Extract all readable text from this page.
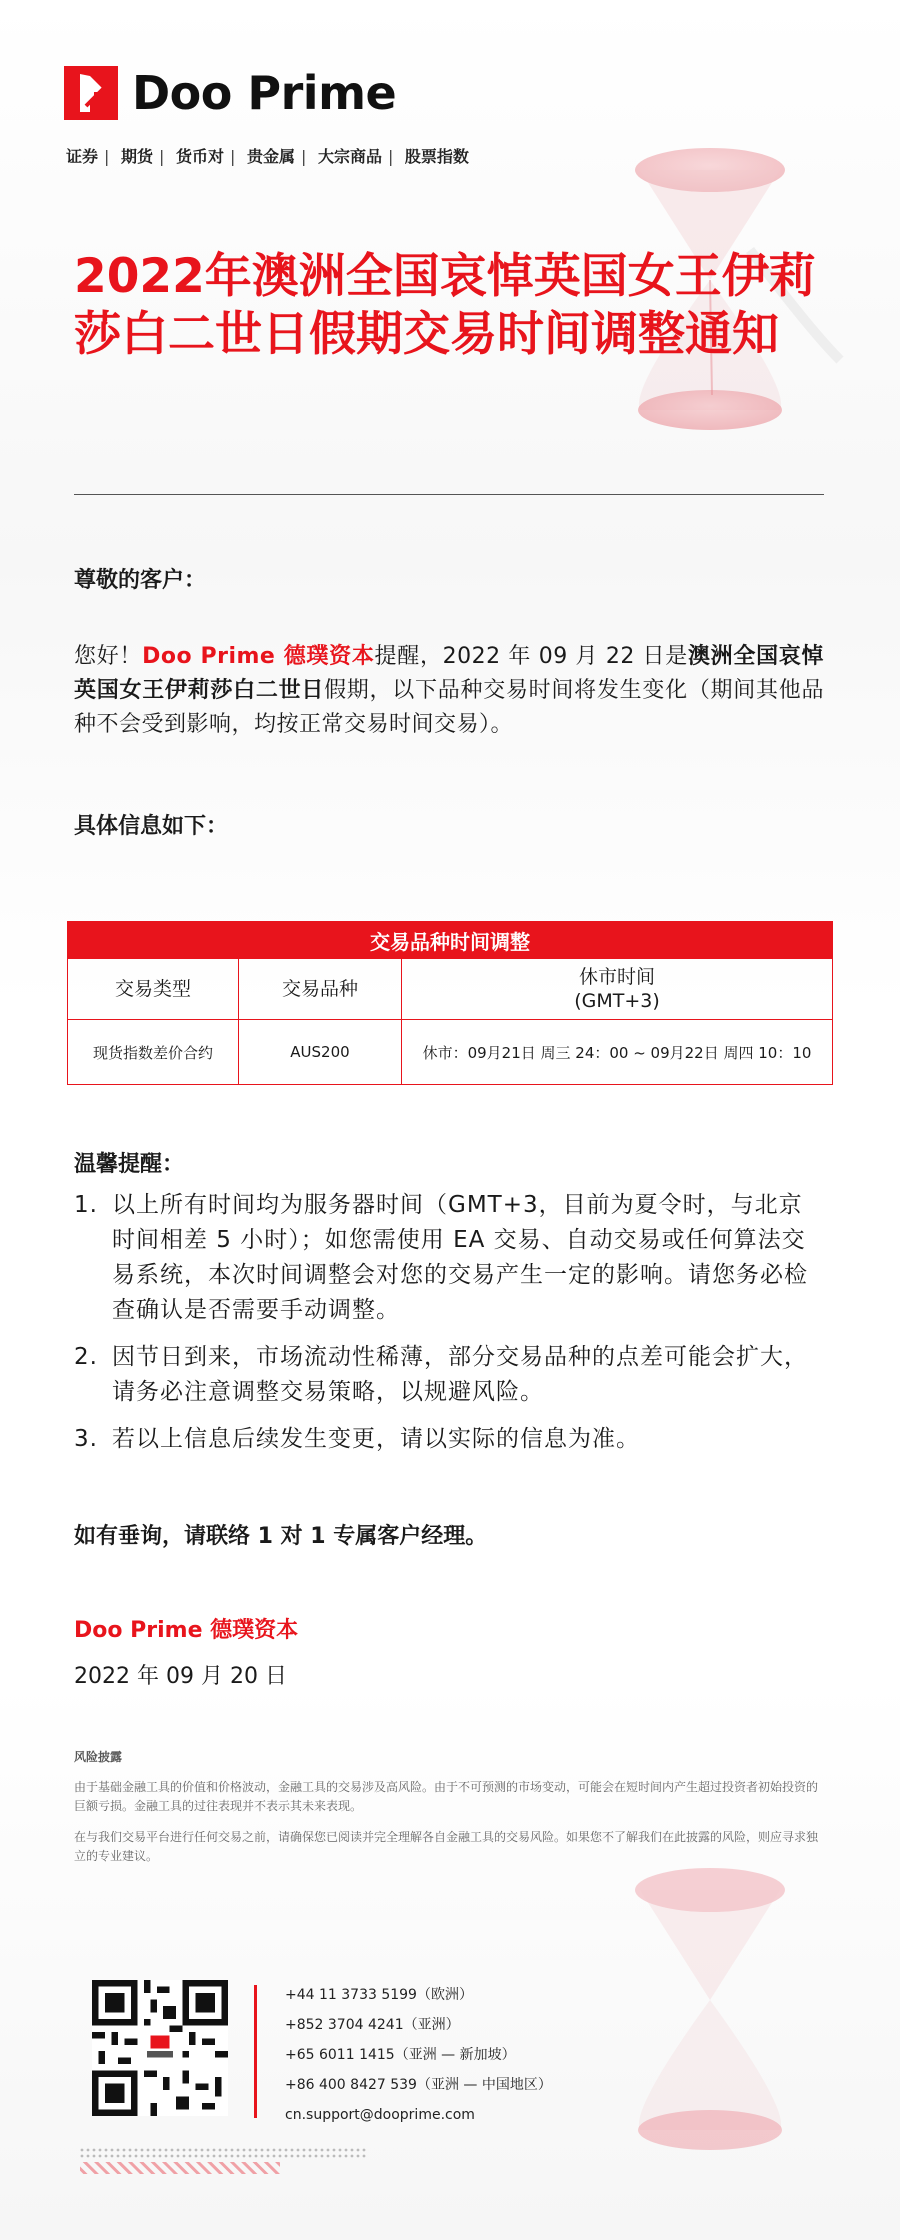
Doo Prime
证券 | 期货 | 货币对 | 贵金属 | 大宗商品 | 股票指数
2022年澳洲全国哀悼英国女王伊莉莎白二世日假期交易时间调整通知
尊敬的客户：
您好！Doo Prime 德璞资本提醒，2022 年 09 月 22 日是澳洲全国哀悼英国女王伊莉莎白二世日假期，以下品种交易时间将发生变化（期间其他品种不会受到影响，均按正常交易时间交易）。
具体信息如下：
交易品种时间调整		
交易类型	交易品种	休市时间
(GMT+3)
现货指数差价合约	AUS200	休市：09月21日 周三 24：00 ~ 09月22日 周四 10：10
温馨提醒：
1. 以上所有时间均为服务器时间（GMT+3，目前为夏令时，与北京时间相差 5 小时）；如您需使用 EA 交易、自动交易或任何算法交易系统，本次时间调整会对您的交易产生一定的影响。请您务必检查确认是否需要手动调整。
2. 因节日到来，市场流动性稀薄，部分交易品种的点差可能会扩大，请务必注意调整交易策略，以规避风险。
3. 若以上信息后续发生变更，请以实际的信息为准。
如有垂询，请联络 1 对 1 专属客户经理。
Doo Prime 德璞资本
2022 年 09 月 20 日
风险披露
由于基础金融工具的价值和价格波动，金融工具的交易涉及高风险。由于不可预测的市场变动，可能会在短时间内产生超过投资者初始投资的巨额亏损。金融工具的过往表现并不表示其未来表现。
在与我们交易平台进行任何交易之前，请确保您已阅读并完全理解各自金融工具的交易风险。如果您不了解我们在此披露的风险，则应寻求独立的专业建议。
+44 11 3733 5199（欧洲）
+852 3704 4241（亚洲）
+65 6011 1415（亚洲 — 新加坡）
+86 400 8427 539（亚洲 — 中国地区）
cn.support@dooprime.com
